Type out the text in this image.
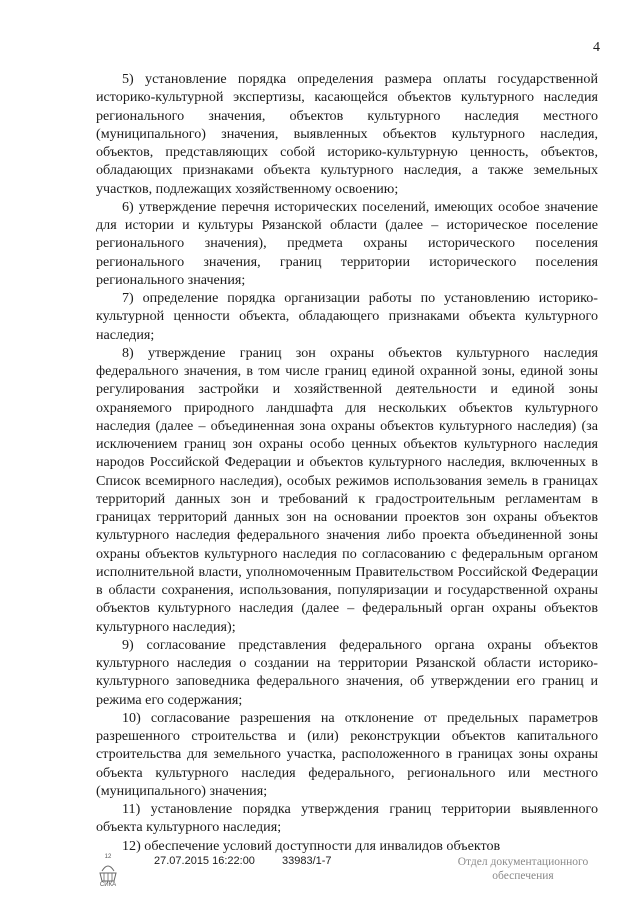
4

5) установление порядка определения размера оплаты государственной историко-культурной экспертизы, касающейся объектов культурного наследия регионального значения, объектов культурного наследия местного (муниципального) значения, выявленных объектов культурного наследия, объектов, представляющих собой историко-культурную ценность, объектов, обладающих признаками объекта культурного наследия, а также земельных участков, подлежащих хозяйственному освоению;

6) утверждение перечня исторических поселений, имеющих особое значение для истории и культуры Рязанской области (далее – историческое поселение регионального значения), предмета охраны исторического поселения регионального значения, границ территории исторического поселения регионального значения;

7) определение порядка организации работы по установлению историко-культурной ценности объекта, обладающего признаками объекта культурного наследия;

8) утверждение границ зон охраны объектов культурного наследия федерального значения, в том числе границ единой охранной зоны, единой зоны регулирования застройки и хозяйственной деятельности и единой зоны охраняемого природного ландшафта для нескольких объектов культурного наследия (далее – объединенная зона охраны объектов культурного наследия) (за исключением границ зон охраны особо ценных объектов культурного наследия народов Российской Федерации и объектов культурного наследия, включенных в Список всемирного наследия), особых режимов использования земель в границах территорий данных зон и требований к градостроительным регламентам в границах территорий данных зон на основании проектов зон охраны объектов культурного наследия федерального значения либо проекта объединенной зоны охраны объектов культурного наследия по согласованию с федеральным органом исполнительной власти, уполномоченным Правительством Российской Федерации в области сохранения, использования, популяризации и государственной охраны объектов культурного наследия (далее – федеральный орган охраны объектов культурного наследия);

9) согласование представления федерального органа охраны объектов культурного наследия о создании на территории Рязанской области историко-культурного заповедника федерального значения, об утверждении его границ и режима его содержания;

10) согласование разрешения на отклонение от предельных параметров разрешенного строительства и (или) реконструкции объектов капитального строительства для земельного участка, расположенного в границах зоны охраны объекта культурного наследия федерального, регионального или местного (муниципального) значения;

11) установление порядка утверждения границ территории выявленного объекта культурного наследия;

12) обеспечение условий доступности для инвалидов объектов

12
СИКА
27.07.2015 16:22:00 33983/1-7	Отдел документационного
обеспечения
